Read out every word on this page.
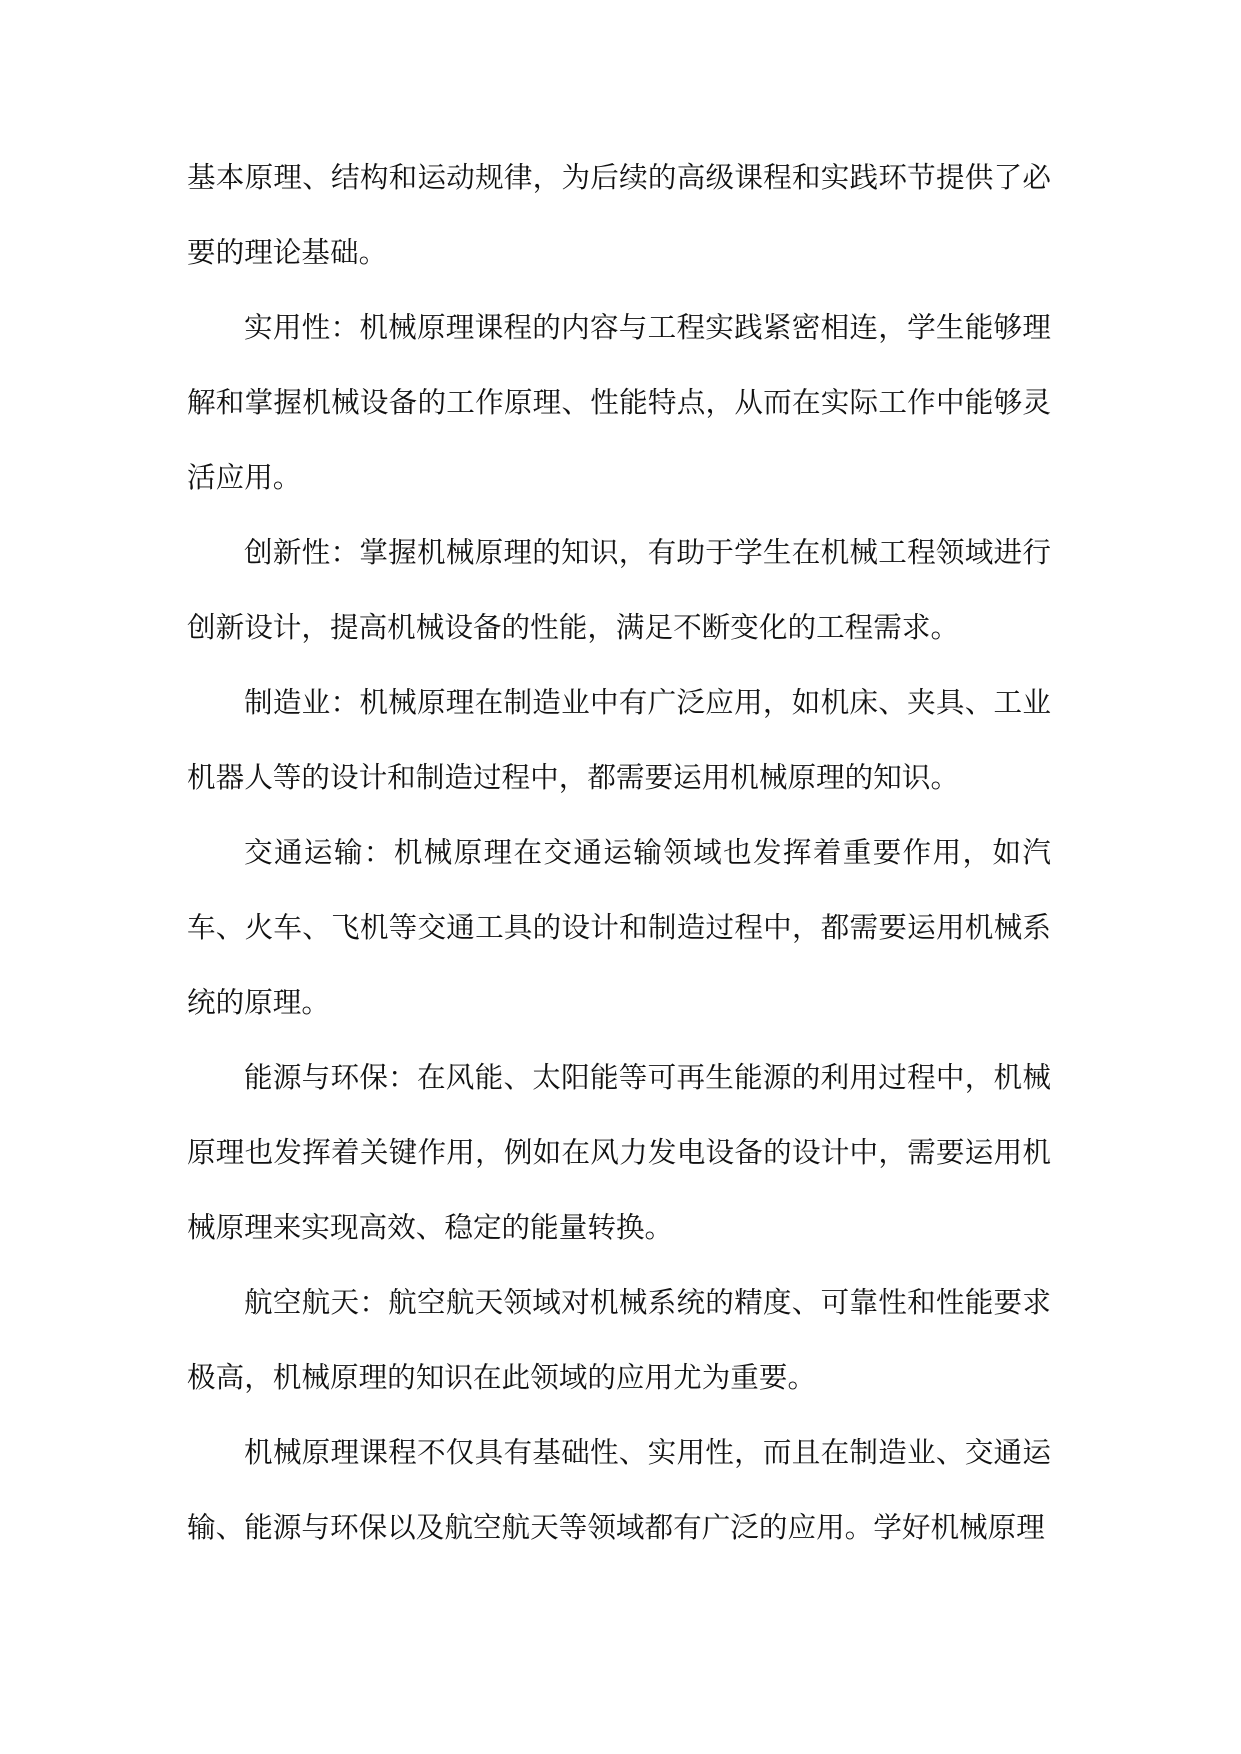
基本原理、结构和运动规律，为后续的高级课程和实践环节提供了必要的理论基础。

实用性：机械原理课程的内容与工程实践紧密相连，学生能够理解和掌握机械设备的工作原理、性能特点，从而在实际工作中能够灵活应用。

创新性：掌握机械原理的知识，有助于学生在机械工程领域进行创新设计，提高机械设备的性能，满足不断变化的工程需求。

制造业：机械原理在制造业中有广泛应用，如机床、夹具、工业机器人等的设计和制造过程中，都需要运用机械原理的知识。

交通运输：机械原理在交通运输领域也发挥着重要作用，如汽车、火车、飞机等交通工具的设计和制造过程中，都需要运用机械系统的原理。

能源与环保：在风能、太阳能等可再生能源的利用过程中，机械原理也发挥着关键作用，例如在风力发电设备的设计中，需要运用机械原理来实现高效、稳定的能量转换。

航空航天：航空航天领域对机械系统的精度、可靠性和性能要求极高，机械原理的知识在此领域的应用尤为重要。

机械原理课程不仅具有基础性、实用性，而且在制造业、交通运输、能源与环保以及航空航天等领域都有广泛的应用。学好机械原理
